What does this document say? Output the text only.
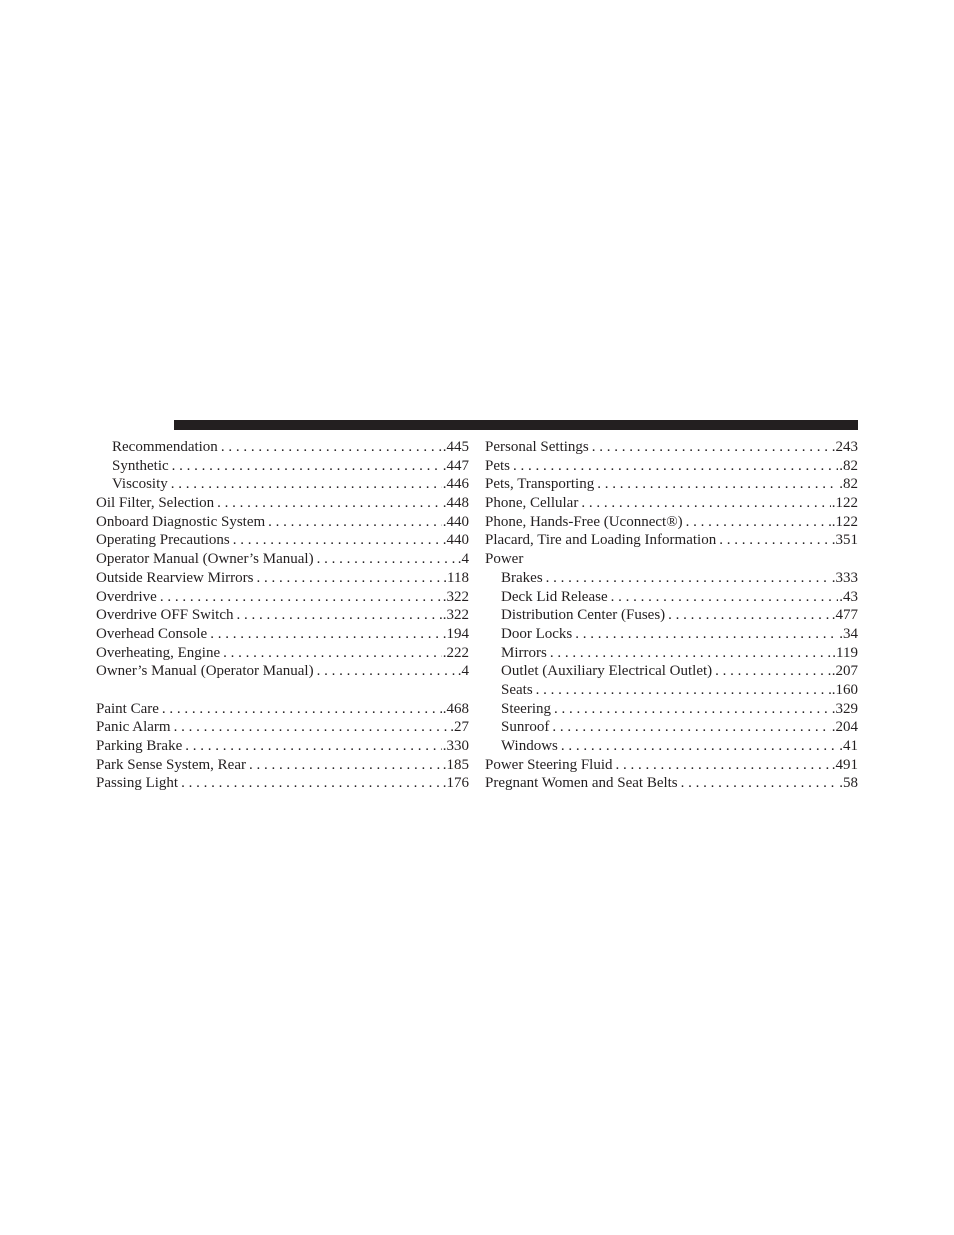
Recommendation . . .	.445
Synthetic . . .	.447
Viscosity . . .	.446
Oil Filter, Selection . . .	.448
Onboard Diagnostic System . . .	.440
Operating Precautions . . .	.440
Operator Manual (Owner’s Manual) . . .	.4
Outside Rearview Mirrors . . .	.118
Overdrive . . .	.322
Overdrive OFF Switch . . .	.322
Overhead Console . . .	.194
Overheating, Engine . . .	.222
Owner’s Manual (Operator Manual) . . .	.4
Paint Care . . .	.468
Panic Alarm . . .	.27
Parking Brake . . .	.330
Park Sense System, Rear . . .	.185
Passing Light . . .	.176
Personal Settings . . .	.243
Pets . . .	.82
Pets, Transporting . . .	.82
Phone, Cellular . . .	.122
Phone, Hands-Free (Uconnect®) . . .	.122
Placard, Tire and Loading Information . . .	.351
Power
Brakes . . .	.333
Deck Lid Release . . .	.43
Distribution Center (Fuses) . . .	.477
Door Locks . . .	.34
Mirrors . . .	.119
Outlet (Auxiliary Electrical Outlet) . . .	.207
Seats . . .	.160
Steering . . .	.329
Sunroof . . .	.204
Windows . . .	.41
Power Steering Fluid . . .	.491
Pregnant Women and Seat Belts . . .	.58
